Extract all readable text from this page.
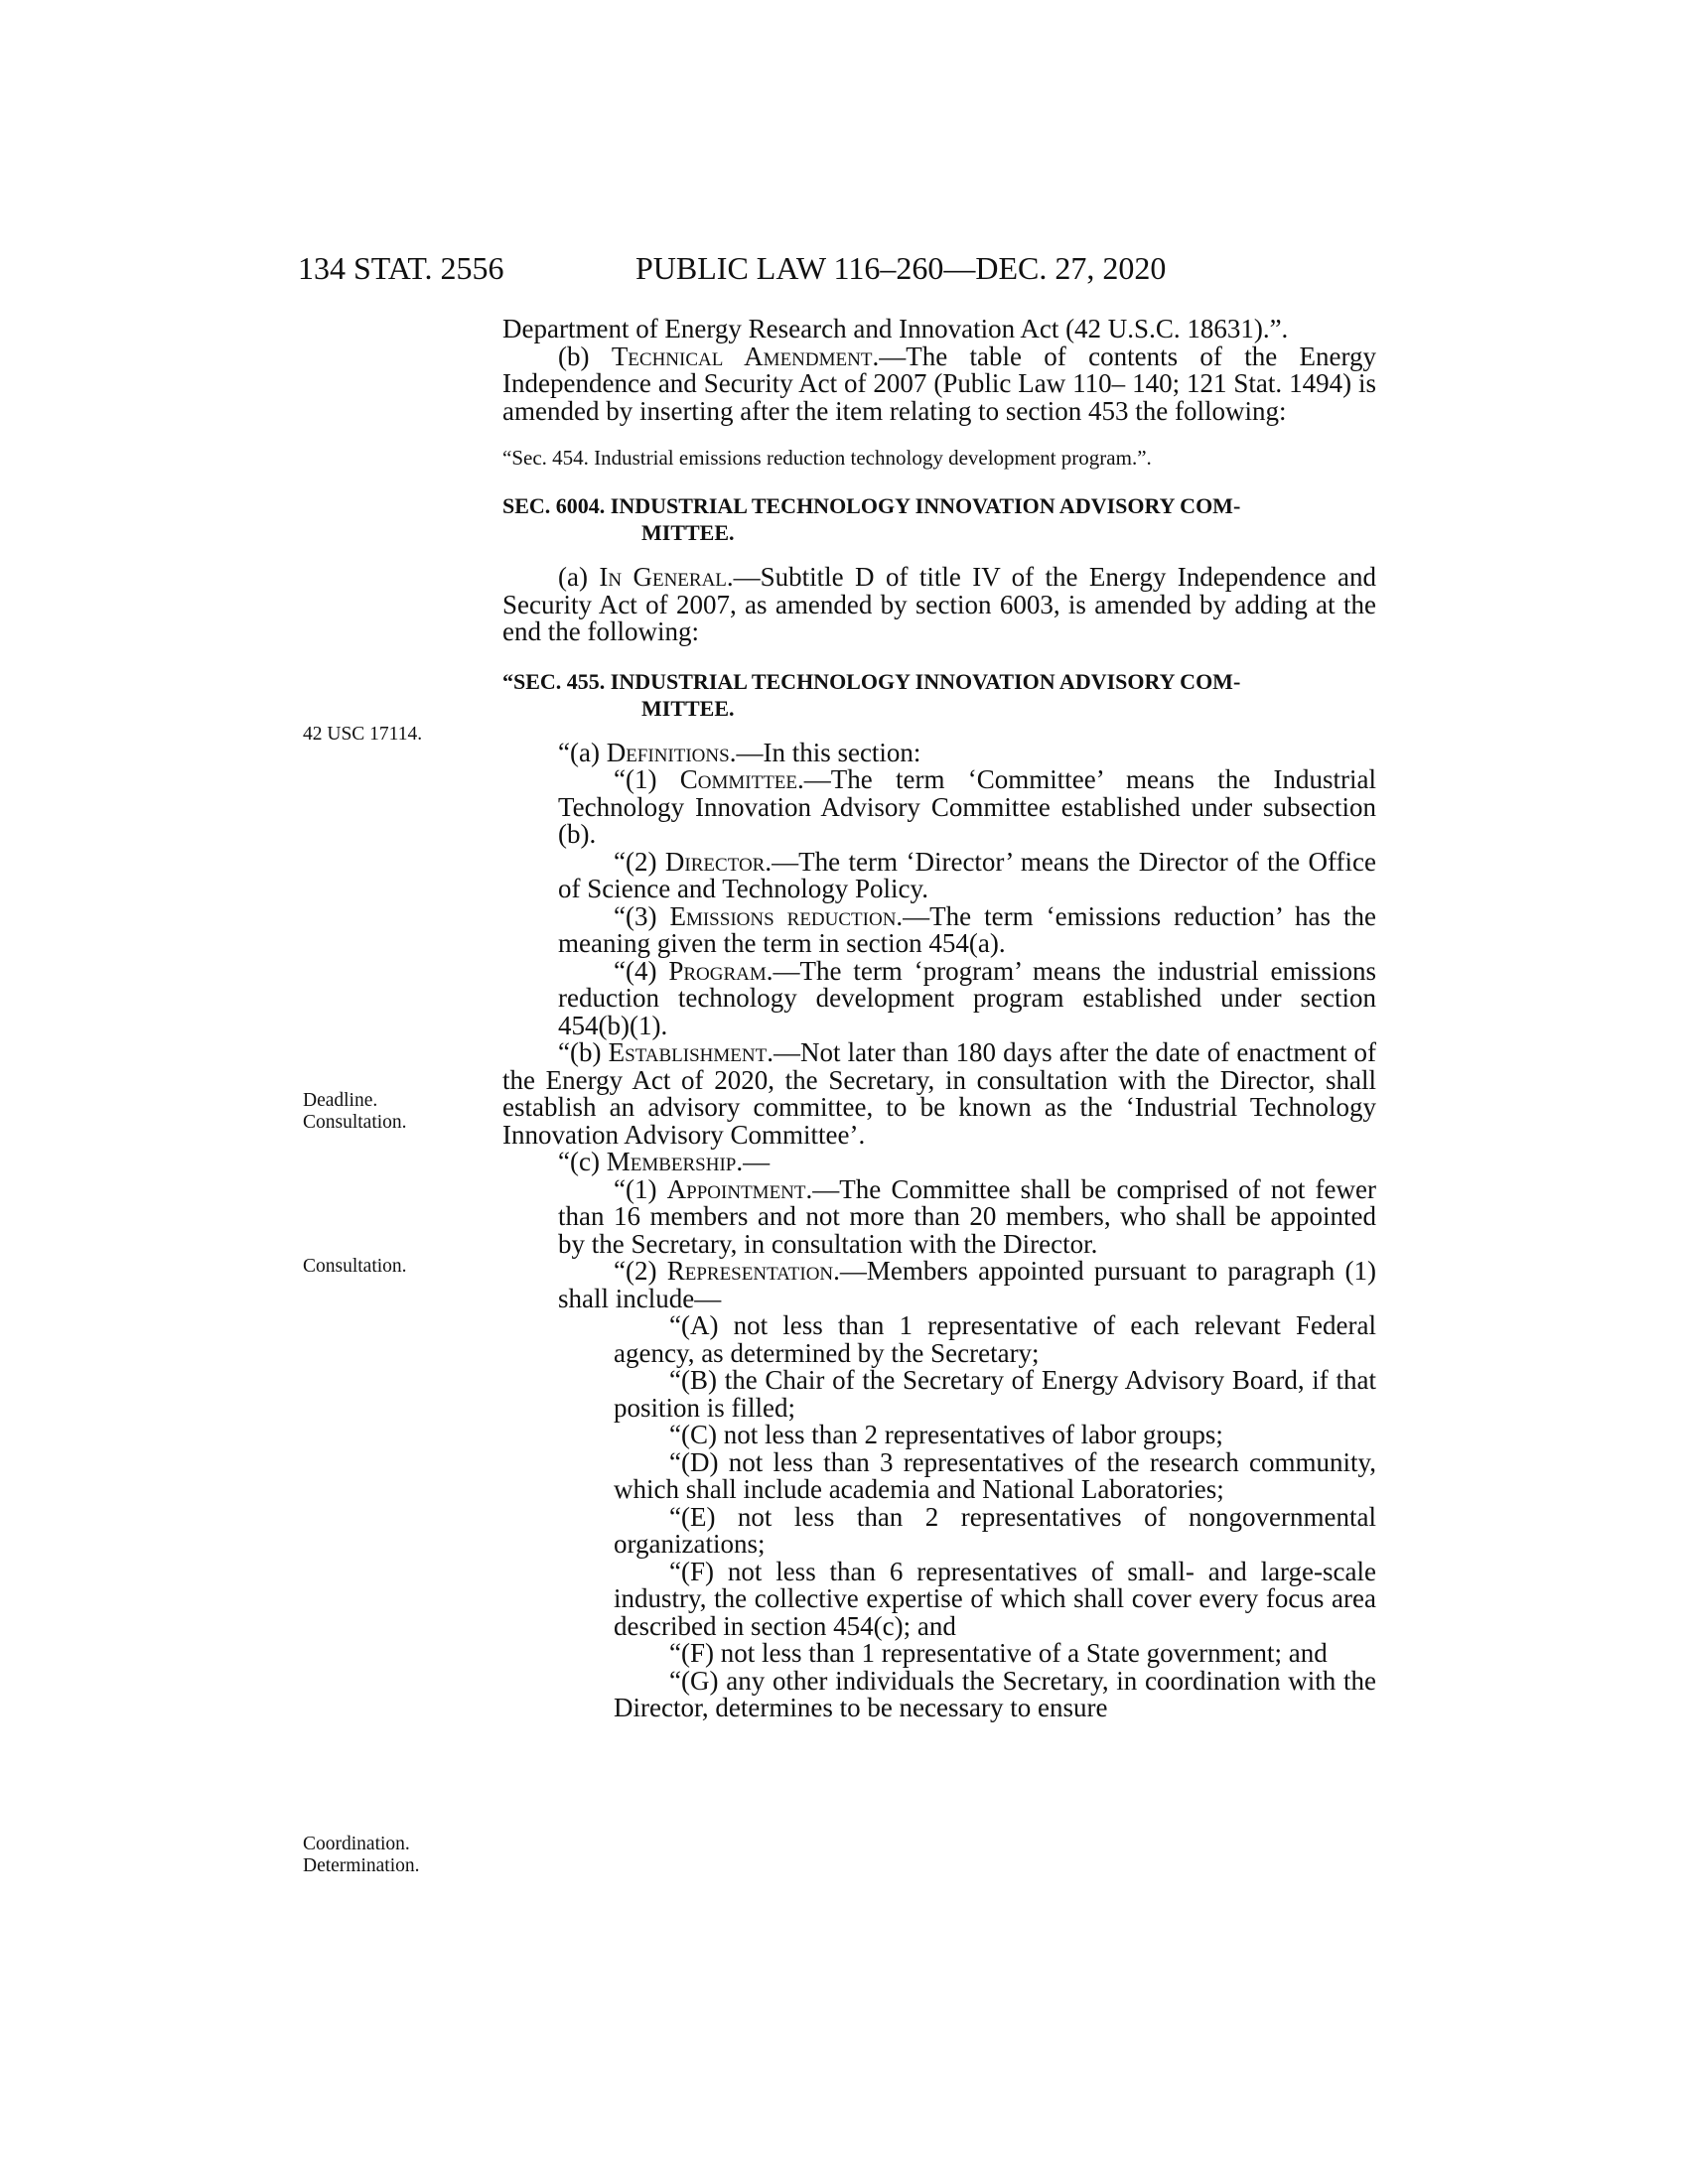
134 STAT. 2556	PUBLIC LAW 116–260—DEC. 27, 2020
42 USC 17114.
Deadline.
Consultation.
Consultation.
Coordination.
Determination.

Department of Energy Research and Innovation Act (42 U.S.C. 18631).”.

(b) Technical Amendment.—The table of contents of the Energy Independence and Security Act of 2007 (Public Law 110– 140; 121 Stat. 1494) is amended by inserting after the item relating to section 453 the following:

“Sec. 454. Industrial emissions reduction technology development program.”.

SEC. 6004. INDUSTRIAL TECHNOLOGY INNOVATION ADVISORY COM-
MITTEE.

(a) In General.—Subtitle D of title IV of the Energy Independence and Security Act of 2007, as amended by section 6003, is amended by adding at the end the following:

“SEC. 455. INDUSTRIAL TECHNOLOGY INNOVATION ADVISORY COM-
MITTEE.

“(a) Definitions.—In this section:

“(1) Committee.—The term ‘Committee’ means the Industrial Technology Innovation Advisory Committee established under subsection (b).

“(2) Director.—The term ‘Director’ means the Director of the Office of Science and Technology Policy.

“(3) Emissions reduction.—The term ‘emissions reduction’ has the meaning given the term in section 454(a).

“(4) Program.—The term ‘program’ means the industrial emissions reduction technology development program established under section 454(b)(1).

“(b) Establishment.—Not later than 180 days after the date of enactment of the Energy Act of 2020, the Secretary, in consultation with the Director, shall establish an advisory committee, to be known as the ‘Industrial Technology Innovation Advisory Committee’.

“(c) Membership.—

“(1) Appointment.—The Committee shall be comprised of not fewer than 16 members and not more than 20 members, who shall be appointed by the Secretary, in consultation with the Director.

“(2) Representation.—Members appointed pursuant to paragraph (1) shall include—

“(A) not less than 1 representative of each relevant Federal agency, as determined by the Secretary;

“(B) the Chair of the Secretary of Energy Advisory Board, if that position is filled;

“(C) not less than 2 representatives of labor groups;

“(D) not less than 3 representatives of the research community, which shall include academia and National Laboratories;

“(E) not less than 2 representatives of nongovernmental organizations;

“(F) not less than 6 representatives of small- and large-scale industry, the collective expertise of which shall cover every focus area described in section 454(c); and

“(F) not less than 1 representative of a State government; and

“(G) any other individuals the Secretary, in coordination with the Director, determines to be necessary to ensure
